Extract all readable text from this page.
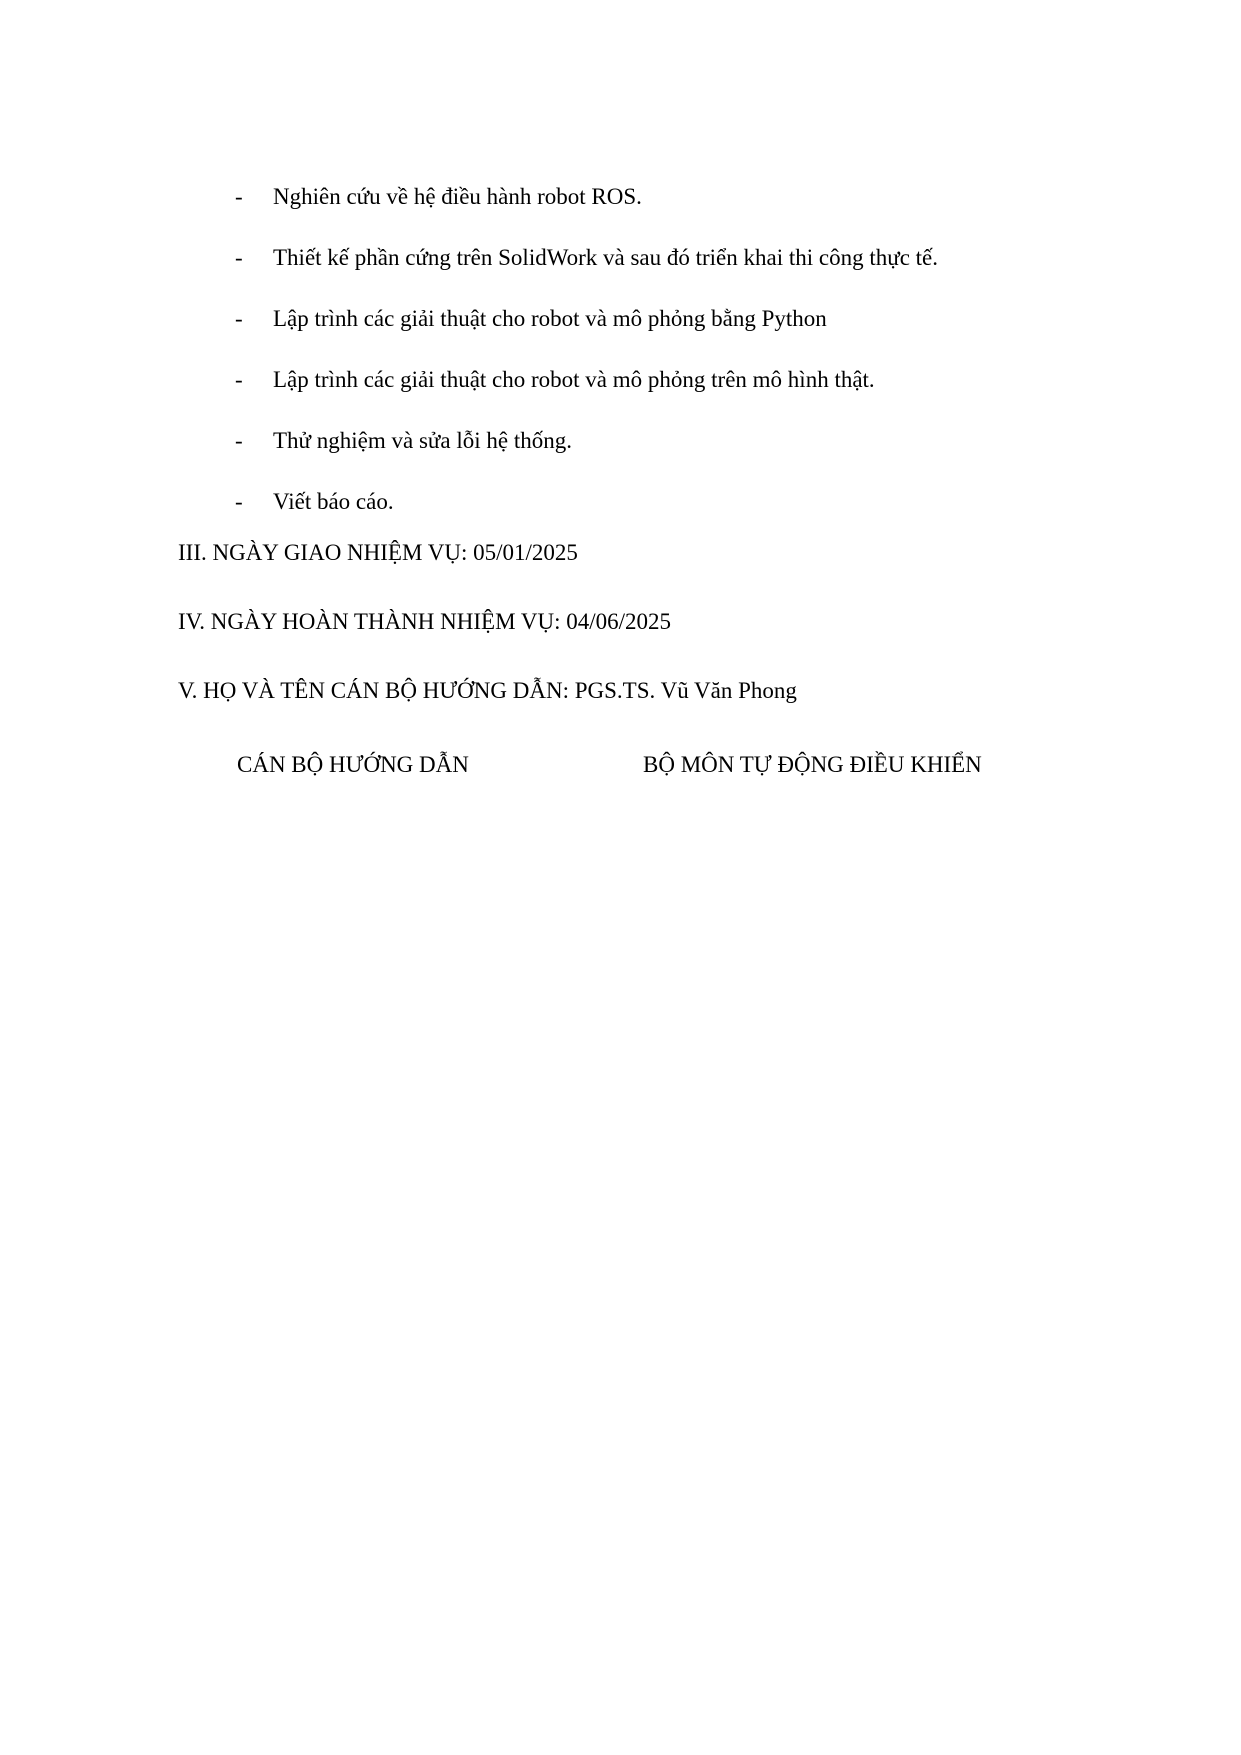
- Nghiên cứu về hệ điều hành robot ROS.
- Thiết kế phần cứng trên SolidWork và sau đó triển khai thi công thực tế.
- Lập trình các giải thuật cho robot và mô phỏng bằng Python
- Lập trình các giải thuật cho robot và mô phỏng trên mô hình thật.
- Thử nghiệm và sửa lỗi hệ thống.
- Viết báo cáo.
III. NGÀY GIAO NHIỆM VỤ: 05/01/2025
IV. NGÀY HOÀN THÀNH NHIỆM VỤ: 04/06/2025
V. HỌ VÀ TÊN CÁN BỘ HƯỚNG DẪN: PGS.TS. Vũ Văn Phong
CÁN BỘ HƯỚNG DẪN	BỘ MÔN TỰ ĐỘNG ĐIỀU KHIỂN
